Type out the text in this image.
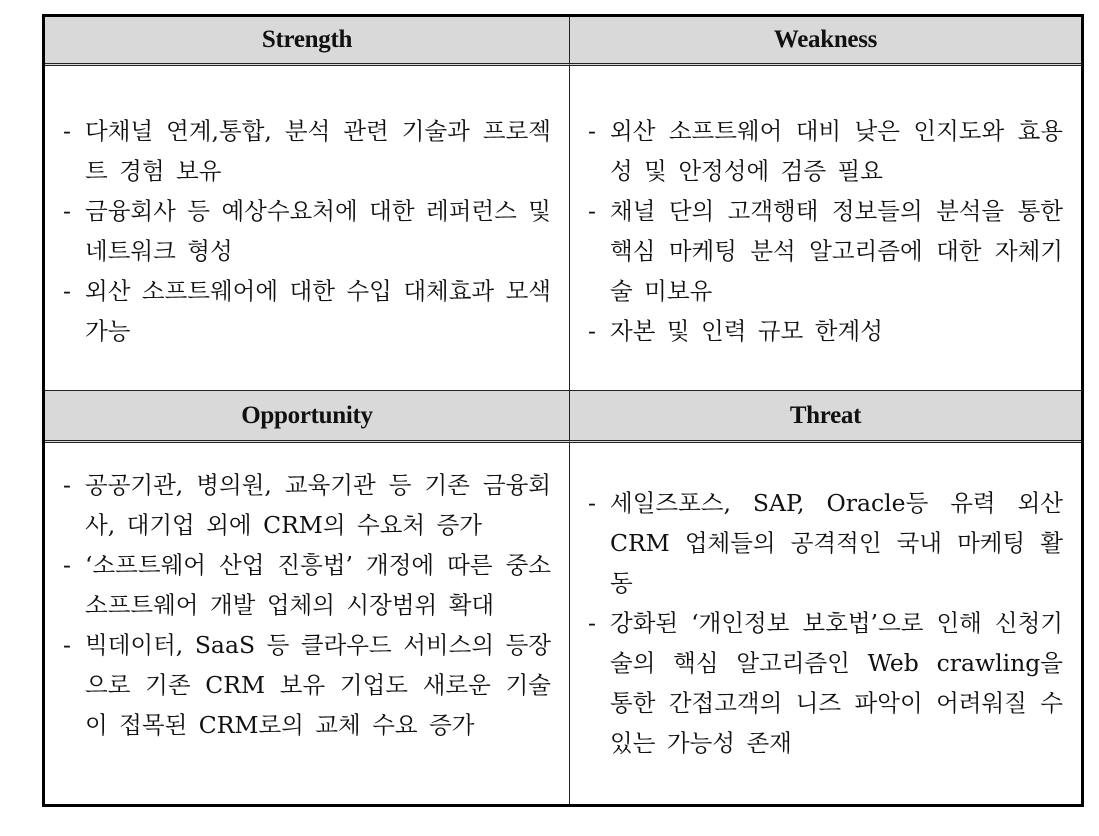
Strength	Weakness
- 다채널 연계,통합, 분석 관련 기술과 프로젝트 경험 보유
- 금융회사 등 예상수요처에 대한 레퍼런스 및 네트워크 형성
- 외산 소프트웨어에 대한 수입 대체효과 모색 가능
- 외산 소프트웨어 대비 낮은 인지도와 효용성 및 안정성에 검증 필요
- 채널 단의 고객행태 정보들의 분석을 통한 핵심 마케팅 분석 알고리즘에 대한 자체기술 미보유
- 자본 및 인력 규모 한계성
Opportunity	Threat
- 공공기관, 병의원, 교육기관 등 기존 금융회사, 대기업 외에 CRM의 수요처 증가
- ‘소프트웨어 산업 진흥법’ 개정에 따른 중소 소프트웨어 개발 업체의 시장범위 확대
- 빅데이터, SaaS 등 클라우드 서비스의 등장으로 기존 CRM 보유 기업도 새로운 기술이 접목된 CRM로의 교체 수요 증가
- 세일즈포스, SAP, Oracle등 유력 외산 CRM 업체들의 공격적인 국내 마케팅 활동
- 강화된 ‘개인정보 보호법’으로 인해 신청기술의 핵심 알고리즘인 Web crawling을 통한 간접고객의 니즈 파악이 어려워질 수 있는 가능성 존재
